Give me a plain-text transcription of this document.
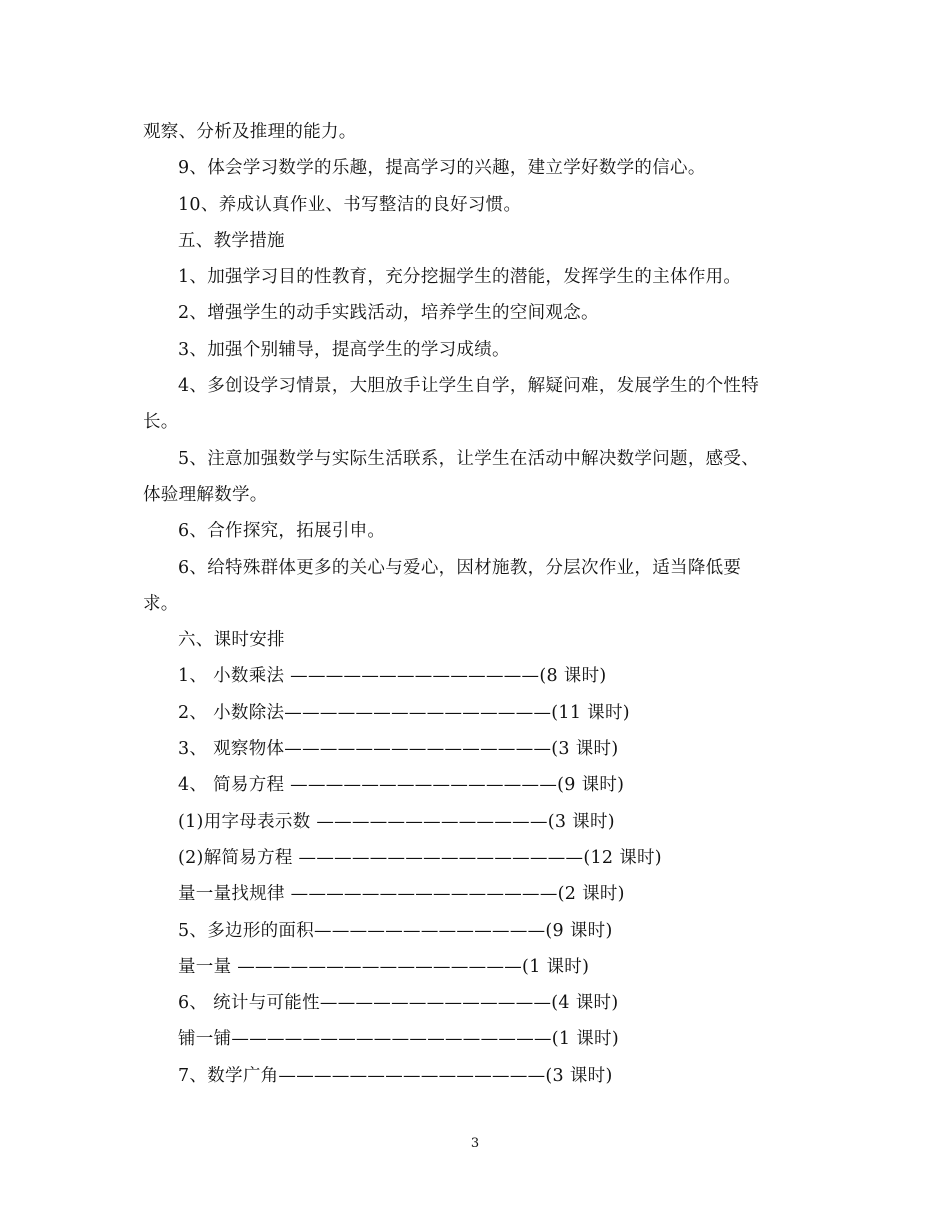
观察、分析及推理的能力。

9、体会学习数学的乐趣，提高学习的兴趣，建立学好数学的信心。

10、养成认真作业、书写整洁的良好习惯。

五、教学措施

1、加强学习目的性教育，充分挖掘学生的潜能，发挥学生的主体作用。

2、增强学生的动手实践活动，培养学生的空间观念。

3、加强个别辅导，提高学生的学习成绩。

4、多创设学习情景，大胆放手让学生自学，解疑问难，发展学生的个性特

长。

5、注意加强数学与实际生活联系，让学生在活动中解决数学问题，感受、

体验理解数学。

6、合作探究，拓展引申。

6、给特殊群体更多的关心与爱心，因材施教，分层次作业，适当降低要

求。

六、课时安排

1、 小数乘法 ——————————————(8 课时)

2、 小数除法———————————————(11 课时)

3、 观察物体———————————————(3 课时)

4、 简易方程 ———————————————(9 课时)

(1)用字母表示数 —————————————(3 课时)

(2)解简易方程 ————————————————(12 课时)

量一量找规律 ———————————————(2 课时)

5、多边形的面积—————————————(9 课时)

量一量 ————————————————(1 课时)

6、 统计与可能性—————————————(4 课时)

铺一铺——————————————————(1 课时)

7、数学广角———————————————(3 课时)

3
